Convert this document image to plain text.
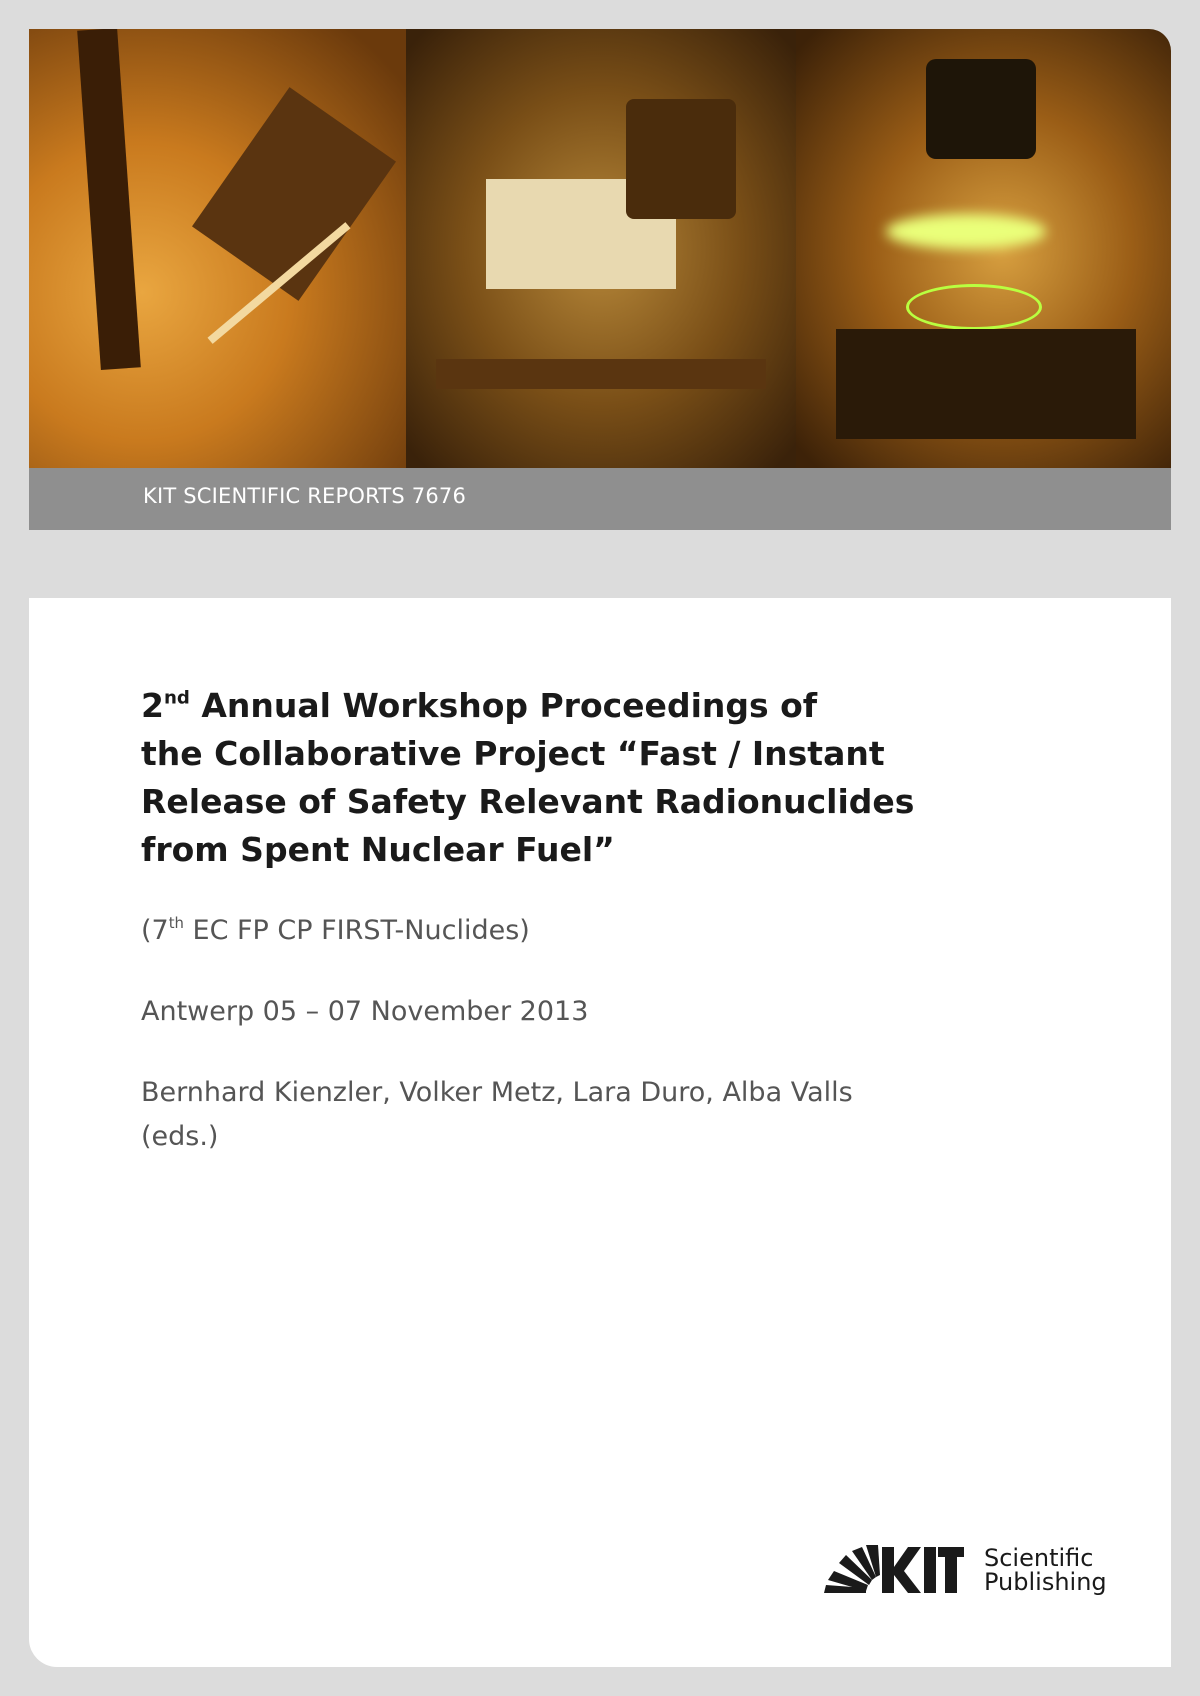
KIT SCIENTIFIC REPORTS 7676
2nd Annual Workshop Proceedings of
the Collaborative Project “Fast / Instant
Release of Safety Relevant Radionuclides
from Spent Nuclear Fuel”
(7th EC FP CP FIRST-Nuclides)
Antwerp 05 – 07 November 2013
Bernhard Kienzler, Volker Metz, Lara Duro, Alba Valls
(eds.)
Scientific
Publishing
